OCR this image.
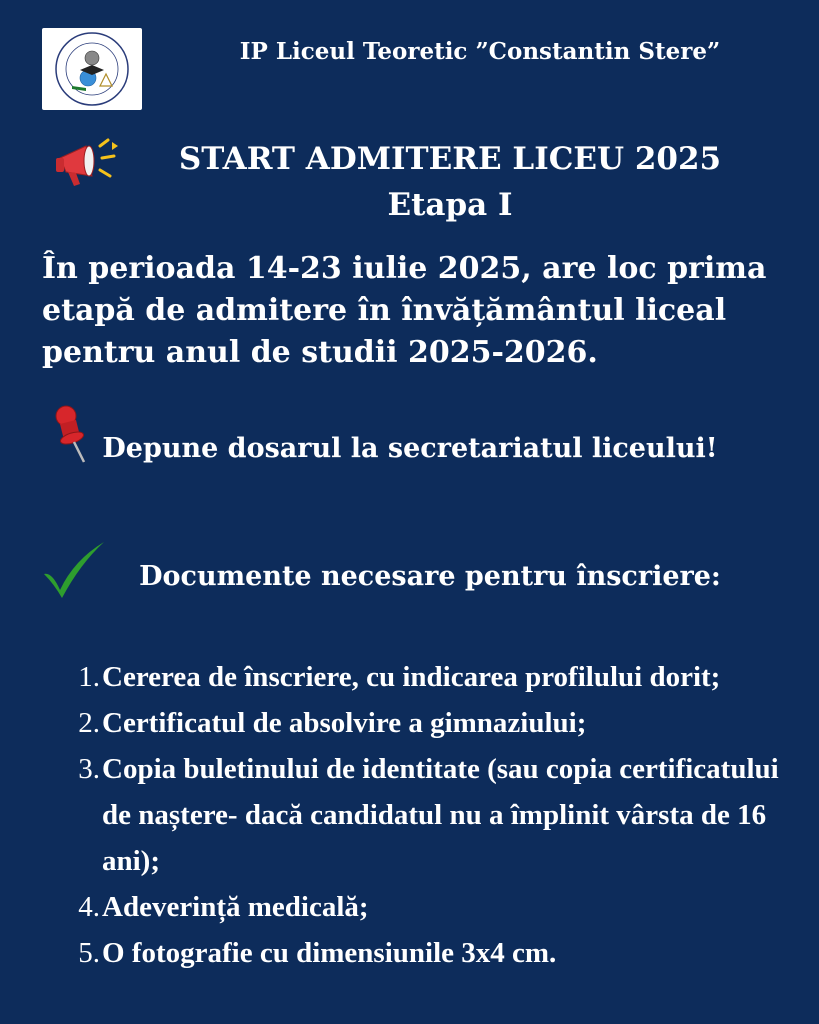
IP Liceul Teoretic ”Constantin Stere”
START ADMITERE LICEU 2025
Etapa I
În perioada 14-23 iulie 2025, are loc prima etapă de admitere în învățământul liceal pentru anul de studii 2025-2026.
Depune dosarul la secretariatul liceului!
Documente necesare pentru înscriere:
1. Cererea de înscriere, cu indicarea profilului dorit;
2. Certificatul de absolvire a gimnaziului;
3. Copia buletinului de identitate (sau copia certificatului de naștere- dacă candidatul nu a împlinit vârsta de 16 ani);
4. Adeverință medicală;
5. O fotografie cu dimensiunile 3x4 cm.
